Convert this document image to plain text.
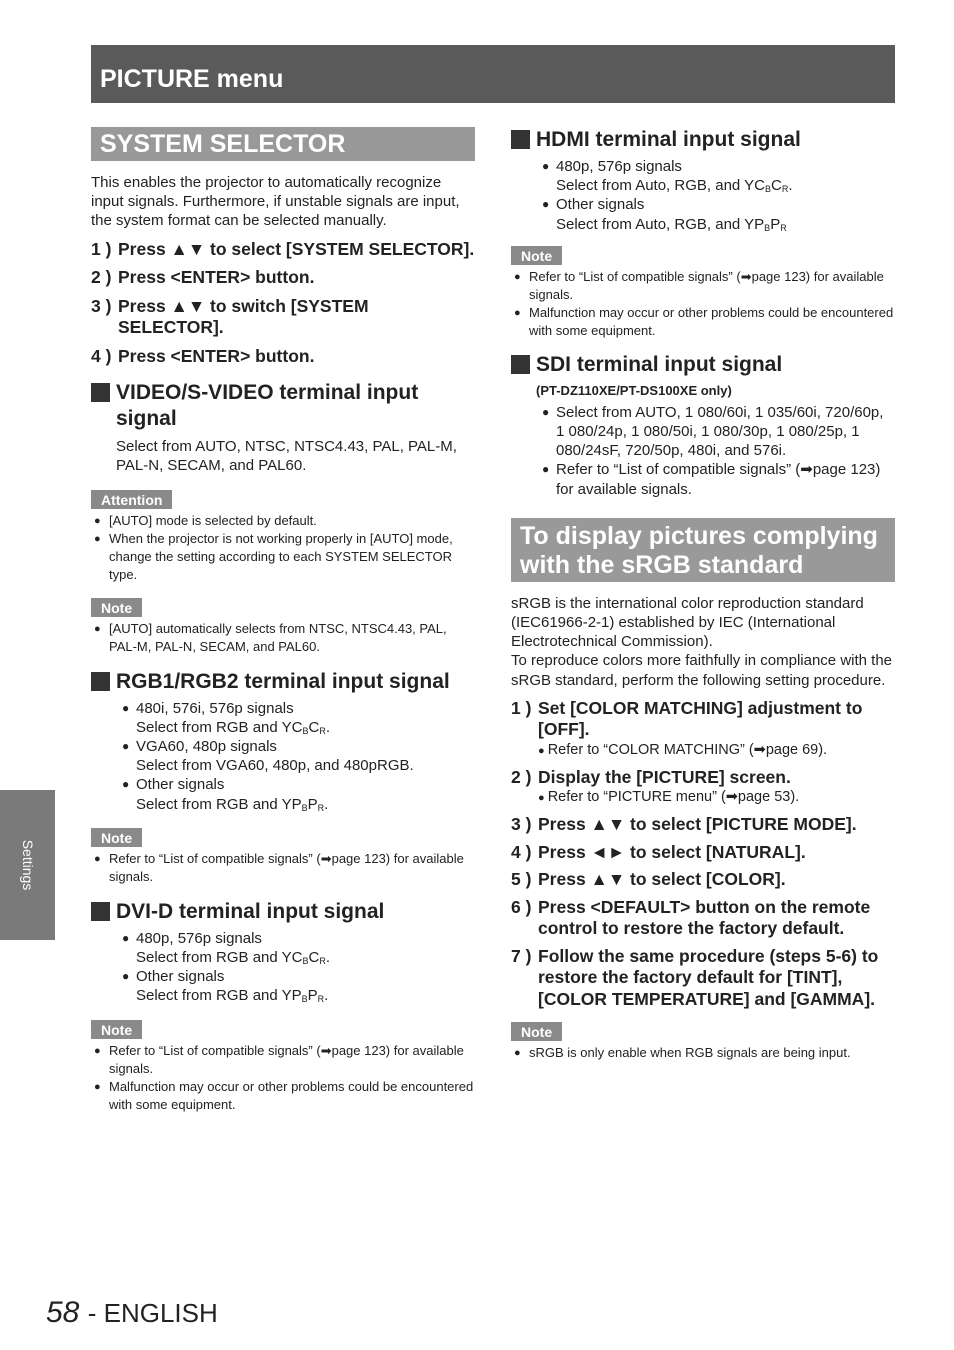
PICTURE menu
SYSTEM SELECTOR

This enables the projector to automatically recognize input signals. Furthermore, if unstable signals are input, the system format can be selected manually.

1 ) Press ▲▼ to select [SYSTEM SELECTOR].
2 ) Press <ENTER> button.
3 ) Press ▲▼ to switch [SYSTEM SELECTOR].
4 ) Press <ENTER> button.
VIDEO/S-VIDEO terminal input signal

Select from AUTO, NTSC, NTSC4.43, PAL, PAL-M, PAL-N, SECAM, and PAL60.

Attention
● [AUTO] mode is selected by default.
● When the projector is not working properly in [AUTO] mode, change the setting according to each SYSTEM SELECTOR type.
Note
● [AUTO] automatically selects from NTSC, NTSC4.43, PAL, PAL-M, PAL-N, SECAM, and PAL60.
RGB1/RGB2 terminal input signal
● 480i, 576i, 576p signals
Select from RGB and $YC_BC_R$.
● VGA60, 480p signals
Select from VGA60, 480p, and 480pRGB.
● Other signals
Select from RGB and $YP_BP_R$.
Note
● Refer to “List of compatible signals” (➡page 123) for available signals.
DVI-D terminal input signal
● 480p, 576p signals
Select from RGB and $YC_BC_R$.
● Other signals
Select from RGB and $YP_BP_R$.
Note
● Refer to “List of compatible signals” (➡page 123) for available signals.
● Malfunction may occur or other problems could be encountered with some equipment.
HDMI terminal input signal
● 480p, 576p signals
Select from Auto, RGB, and $YC_BC_R$.
● Other signals
Select from Auto, RGB, and $YP_BP_R$
Note
● Refer to “List of compatible signals” (➡page 123) for available signals.
● Malfunction may occur or other problems could be encountered with some equipment.
SDI terminal input signal
(PT-DZ110XE/PT-DS100XE only)
● Select from AUTO, 1 080/60i, 1 035/60i, 720/60p, 1 080/24p, 1 080/50i, 1 080/30p, 1 080/25p, 1 080/24sF, 720/50p, 480i, and 576i.
● Refer to “List of compatible signals” (➡page 123) for available signals.
To display pictures complying with the sRGB standard

sRGB is the international color reproduction standard (IEC61966-2-1) established by IEC (International Electrotechnical Commission).

To reproduce colors more faithfully in compliance with the sRGB standard, perform the following setting procedure.

1 ) Set [COLOR MATCHING] adjustment to [OFF].
● Refer to “COLOR MATCHING” (➡page 69).
2 ) Display the [PICTURE] screen.
● Refer to “PICTURE menu” (➡page 53).
3 ) Press ▲▼ to select [PICTURE MODE].
4 ) Press ◄► to select [NATURAL].
5 ) Press ▲▼ to select [COLOR].
6 ) Press <DEFAULT> button on the remote control to restore the factory default.
7 ) Follow the same procedure (steps 5-6) to restore the factory default for [TINT], [COLOR TEMPERATURE] and [GAMMA].
Note
● sRGB is only enable when RGB signals are being input.
Settings
58 - ENGLISH
